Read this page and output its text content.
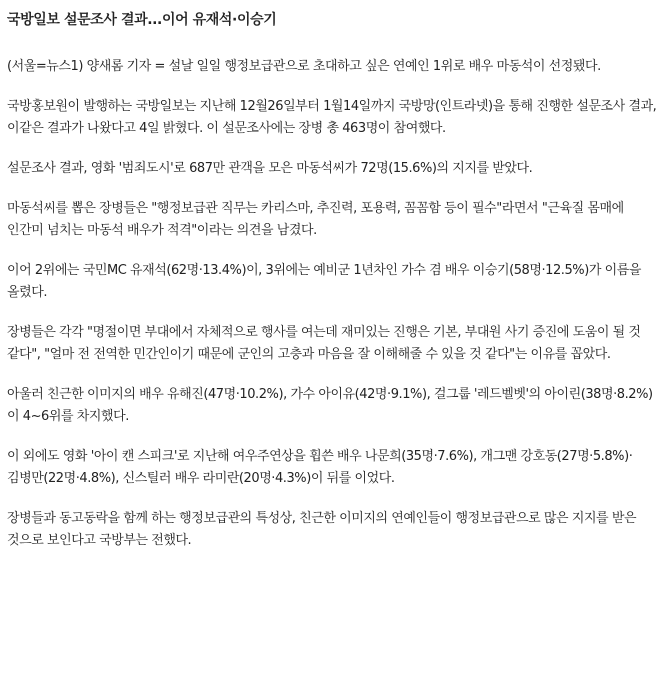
국방일보 설문조사 결과...이어 유재석·이승기

(서울=뉴스1) 양새롬 기자 = 설날 일일 행정보급관으로 초대하고 싶은 연예인 1위로 배우 마동석이 선정됐다.

국방홍보원이 발행하는 국방일보는 지난해 12월26일부터 1월14일까지 국방망(인트라넷)을 통해 진행한 설문조사 결과, 이같은 결과가 나왔다고 4일 밝혔다. 이 설문조사에는 장병 총 463명이 참여했다.

설문조사 결과, 영화 '범죄도시'로 687만 관객을 모은 마동석씨가 72명(15.6%)의 지지를 받았다.

마동석씨를 뽑은 장병들은 "행정보급관 직무는 카리스마, 추진력, 포용력, 꼼꼼함 등이 필수"라면서 "근육질 몸매에 인간미 넘치는 마동석 배우가 적격"이라는 의견을 남겼다.

이어 2위에는 국민MC 유재석(62명·13.4%)이, 3위에는 예비군 1년차인 가수 겸 배우 이승기(58명·12.5%)가 이름을 올렸다.

장병들은 각각 "명절이면 부대에서 자체적으로 행사를 여는데 재미있는 진행은 기본, 부대원 사기 증진에 도움이 될 것 같다", "얼마 전 전역한 민간인이기 때문에 군인의 고충과 마음을 잘 이해해줄 수 있을 것 같다"는 이유를 꼽았다.

아울러 친근한 이미지의 배우 유해진(47명·10.2%), 가수 아이유(42명·9.1%), 걸그룹 '레드벨벳'의 아이린(38명·8.2%)이 4~6위를 차지했다.

이 외에도 영화 '아이 캔 스피크'로 지난해 여우주연상을 휩쓴 배우 나문희(35명·7.6%), 개그맨 강호동(27명·5.8%)·김병만(22명·4.8%), 신스틸러 배우 라미란(20명·4.3%)이 뒤를 이었다.

장병들과 동고동락을 함께 하는 행정보급관의 특성상, 친근한 이미지의 연예인들이 행정보급관으로 많은 지지를 받은 것으로 보인다고 국방부는 전했다.
